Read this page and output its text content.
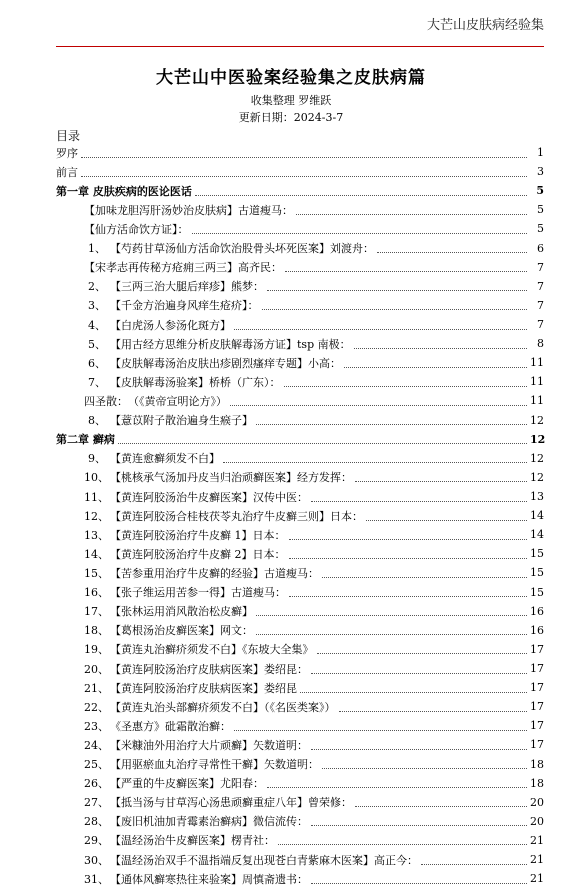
大芒山皮肤病经验集
大芒山中医验案经验集之皮肤病篇
收集整理 罗维跃
更新日期：2024-3-7
目录
罗序	1
前言	3
第一章 皮肤疾病的医论医话	5
【加味龙胆泻肝汤妙治皮肤病】古道瘦马：	5
【仙方活命饮方证】：	5
1、 【芍药甘草汤仙方活命饮治股骨头坏死医案】刘渡舟：	6
【宋孝志再传秘方疮痈三两三】高齐民：	7
2、 【三两三治大腿后痒疹】熊梦：	7
3、 【千金方治遍身风痒生疮疥】：	7
4、 【白虎汤人参汤化斑方】	7
5、 【用古经方思维分析皮肤解毒汤方证】tsp 南极：	8
6、 【皮肤解毒汤治皮肤出疹剧烈瘙痒专题】小高：	11
7、 【皮肤解毒汤验案】桥桥（广东）：	11
四圣散： （《黄帝宣明论方》）	11
8、 【薏苡附子散治遍身生瘊子】	12
第二章 癣病	12
9、 【黄连愈癣须发不白】	12
10、 【桃核承气汤加丹皮当归治顽癣医案】经方发挥：	12
11、 【黄连阿胶汤治牛皮癣医案】汉传中医：	13
12、 【黄连阿胶汤合桂枝茯苓丸治疗牛皮癣三则】日本：	14
13、 【黄连阿胶汤治疗牛皮癣 1】日本：	14
14、 【黄连阿胶汤治疗牛皮癣 2】日本：	15
15、 【苦参重用治疗牛皮癣的经验】古道瘦马：	15
16、 【张子维运用苦参一得】古道瘦马：	15
17、 【张林运用消风散治松皮癣】	16
18、 【葛根汤治皮癣医案】网文：	16
19、 【黄连丸治癣疥须发不白】《东坡大全集》	17
20、 【黄连阿胶汤治疗皮肤病医案】娄绍昆：	17
21、 【黄连阿胶汤治疗皮肤病医案】娄绍昆	17
22、 【黄连丸治头部癣疥须发不白】（《名医类案》）	17
23、 《圣惠方》砒霜散治癣：	17
24、 【米糠油外用治疗大片顽癣】矢数道明：	17
25、 【用驱瘀血丸治疗寻常性干癣】矢数道明：	18
26、 【严重的牛皮癣医案】尤阳春：	18
27、 【抵当汤与甘草泻心汤患顽癣重症八年】曾荣修：	20
28、 【废旧机油加青霉素治癣病】微信流传：	20
29、 【温经汤治牛皮癣医案】楞青社：	21
30、 【温经汤治双手不温指端反复出现苍白青紫麻木医案】高正今：	21
31、 【通体风癣寒热往来验案】周慎斋遗书：	21
